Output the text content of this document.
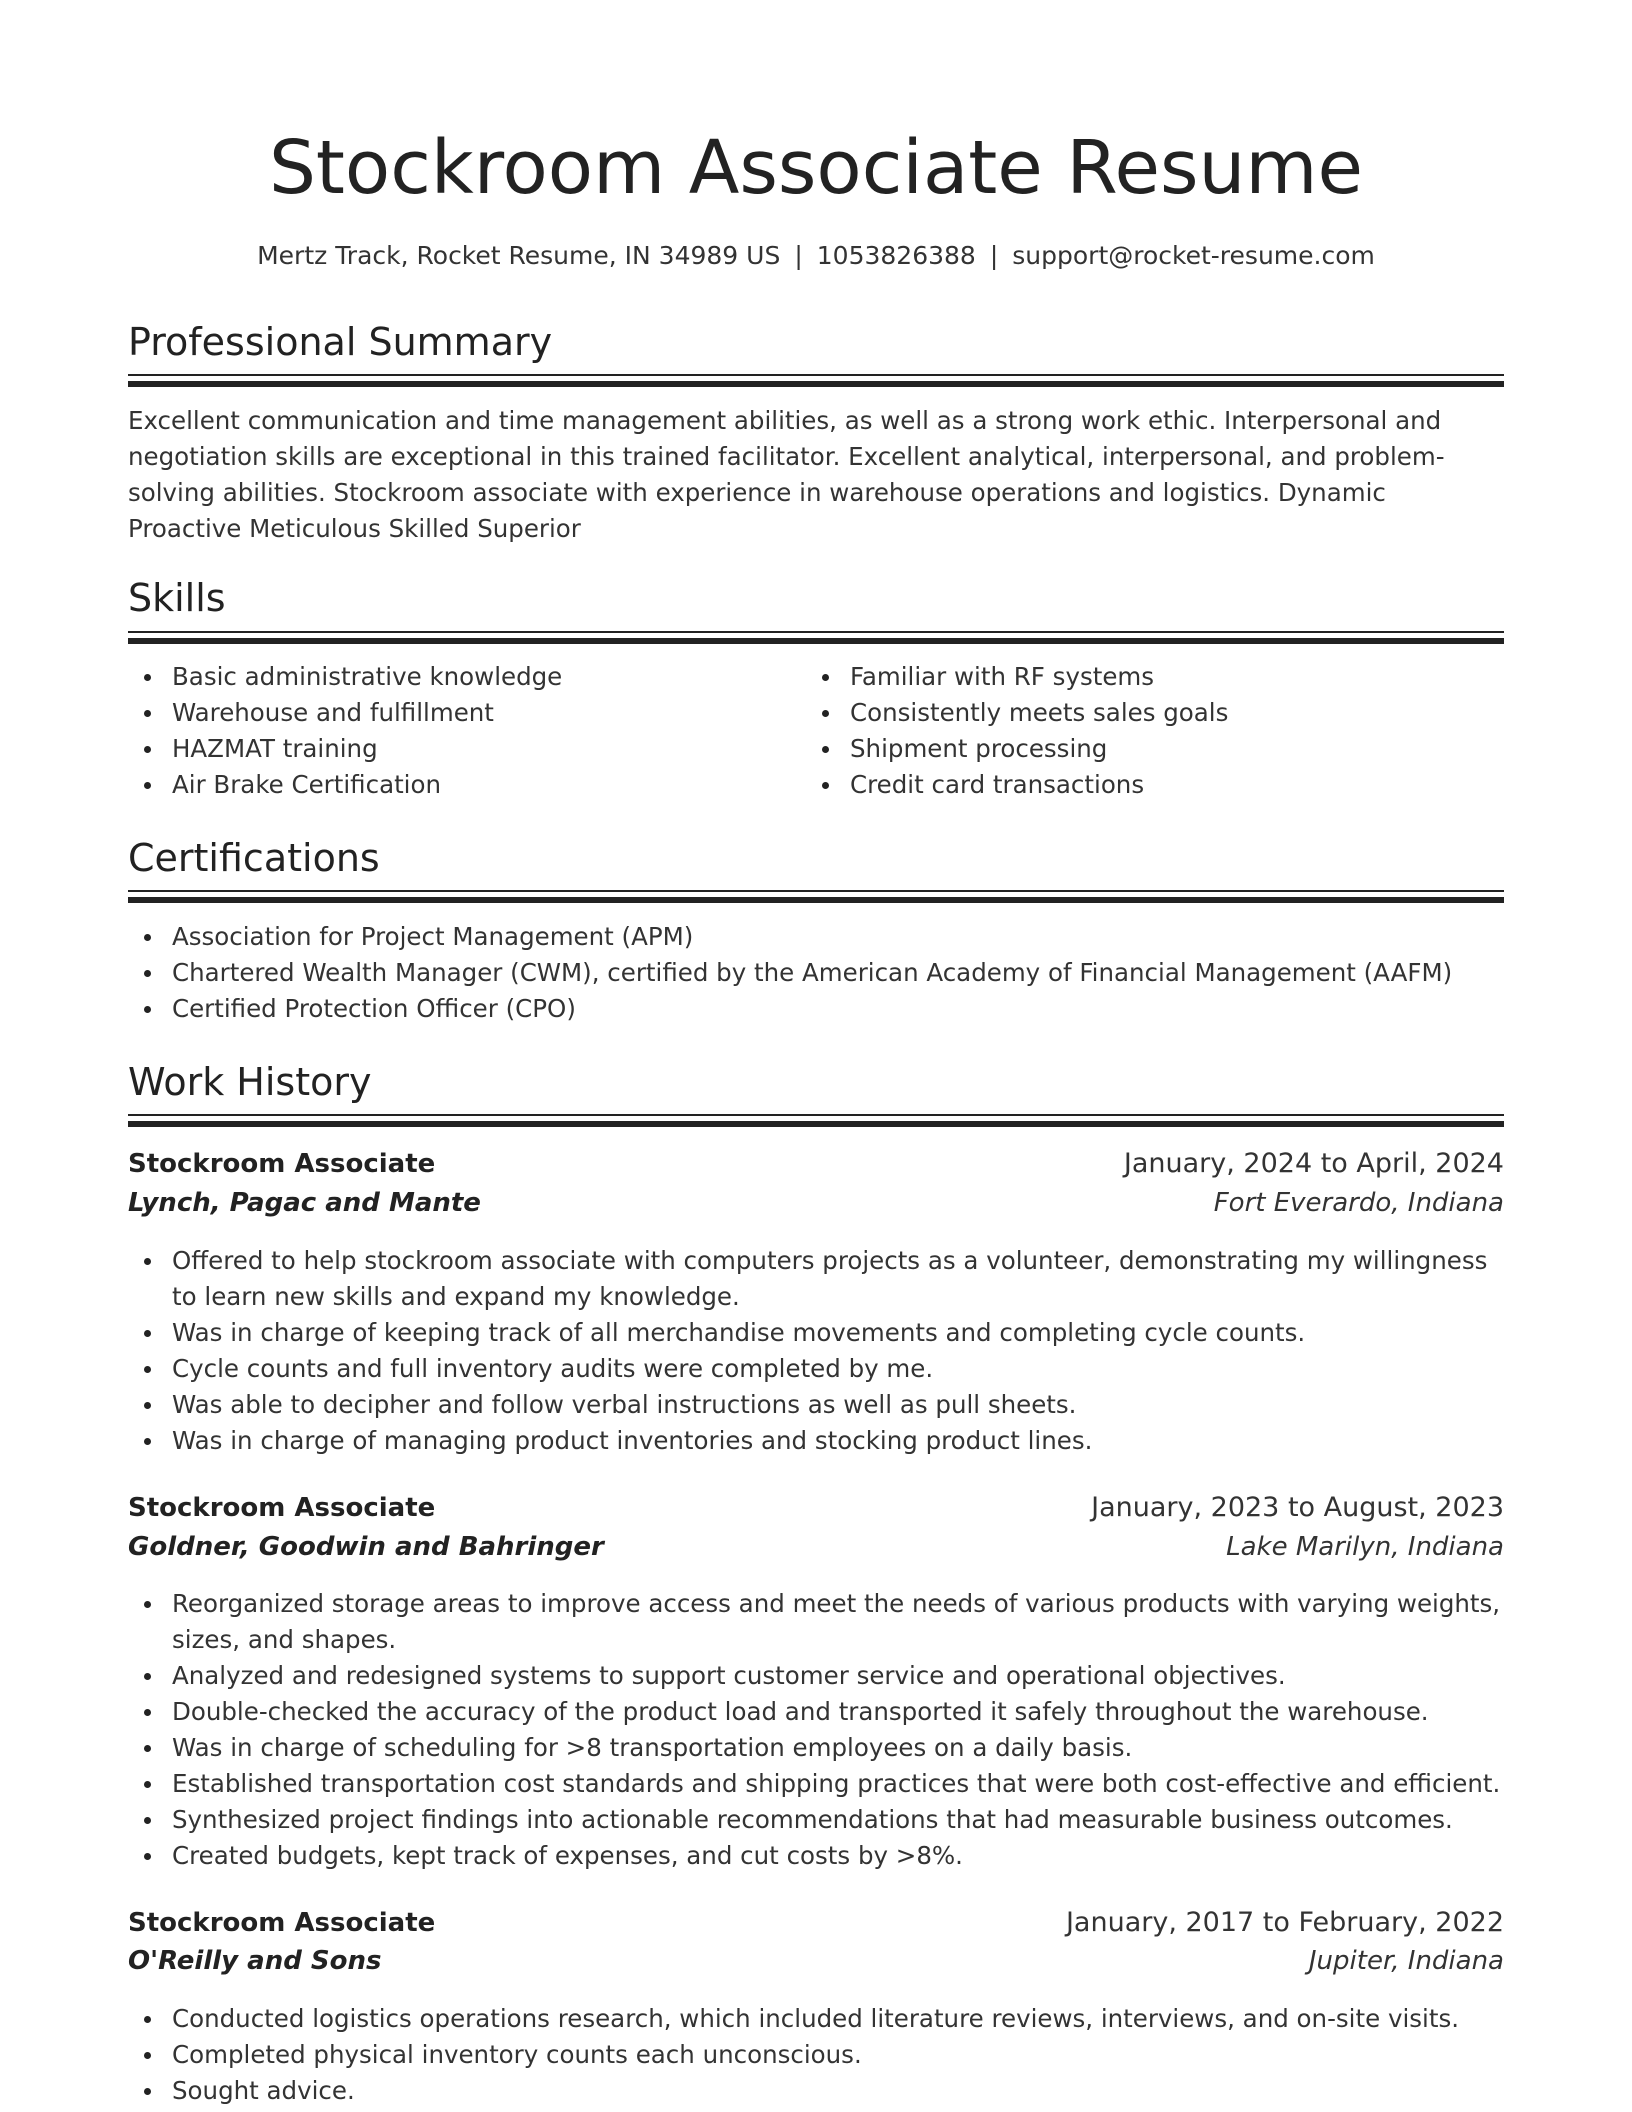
Stockroom Associate Resume
Mertz Track, Rocket Resume, IN 34989 US | 1053826388 | support@rocket-resume.com
Professional Summary

Excellent communication and time management abilities, as well as a strong work ethic. Interpersonal and negotiation skills are exceptional in this trained facilitator. Excellent analytical, interpersonal, and problem-solving abilities. Stockroom associate with experience in warehouse operations and logistics. Dynamic Proactive Meticulous Skilled Superior

Skills
Basic administrative knowledge
Warehouse and fulfillment
HAZMAT training
Air Brake Certification
Familiar with RF systems
Consistently meets sales goals
Shipment processing
Credit card transactions
Certifications
Association for Project Management (APM)
Chartered Wealth Manager (CWM), certified by the American Academy of Financial Management (AAFM)
Certified Protection Officer (CPO)
Work History
Stockroom Associate	January, 2024 to April, 2024
Lynch, Pagac and Mante	Fort Everardo, Indiana
Offered to help stockroom associate with computers projects as a volunteer, demonstrating my willingness to learn new skills and expand my knowledge.
Was in charge of keeping track of all merchandise movements and completing cycle counts.
Cycle counts and full inventory audits were completed by me.
Was able to decipher and follow verbal instructions as well as pull sheets.
Was in charge of managing product inventories and stocking product lines.
Stockroom Associate	January, 2023 to August, 2023
Goldner, Goodwin and Bahringer	Lake Marilyn, Indiana
Reorganized storage areas to improve access and meet the needs of various products with varying weights, sizes, and shapes.
Analyzed and redesigned systems to support customer service and operational objectives.
Double-checked the accuracy of the product load and transported it safely throughout the warehouse.
Was in charge of scheduling for >8 transportation employees on a daily basis.
Established transportation cost standards and shipping practices that were both cost-effective and efficient.
Synthesized project findings into actionable recommendations that had measurable business outcomes.
Created budgets, kept track of expenses, and cut costs by >8%.
Stockroom Associate	January, 2017 to February, 2022
O'Reilly and Sons	Jupiter, Indiana
Conducted logistics operations research, which included literature reviews, interviews, and on-site visits.
Completed physical inventory counts each unconscious.
Sought advice.
